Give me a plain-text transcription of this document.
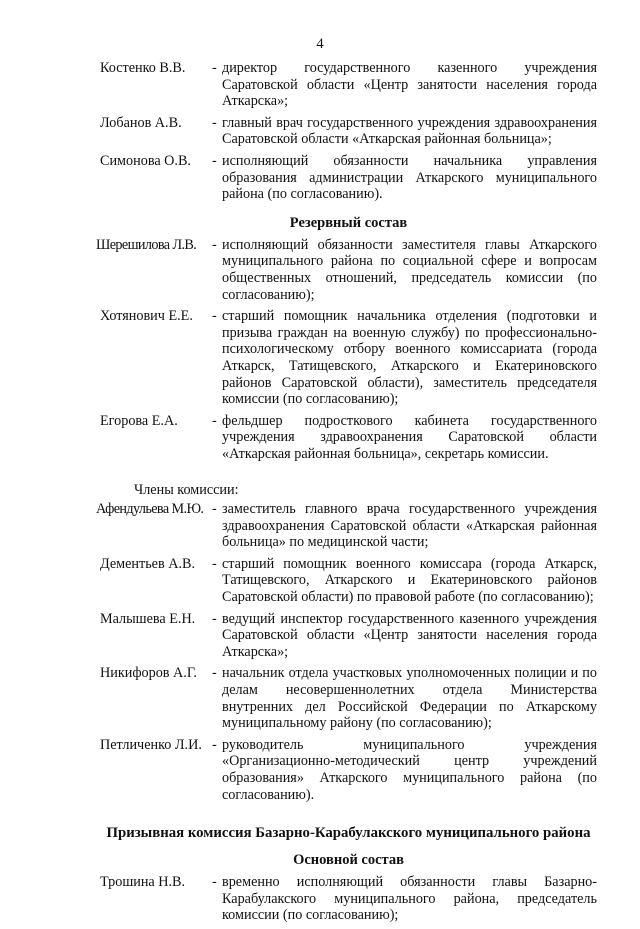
4
Костенко В.В.	- директор государственного казенного учреждения Саратовской области «Центр занятости населения города Аткарска»;
Лобанов А.В.	- главный врач государственного учреждения здравоохранения Саратовской области «Аткарская районная больница»;
Симонова О.В.	- исполняющий обязанности начальника управления образования администрации Аткарского муниципального района (по согласованию).
Резервный состав
Шерешилова Л.В.	- исполняющий обязанности заместителя главы Аткарского муниципального района по социальной сфере и вопросам общественных отношений, председатель комиссии (по согласованию);
Хотянович Е.Е.	- старший помощник начальника отделения (подготовки и призыва граждан на военную службу) по профессионально-психологическому отбору военного комиссариата (города Аткарск, Татищевского, Аткарского и Екатериновского районов Саратовской области), заместитель председателя комиссии (по согласованию);
Егорова Е.А.	- фельдшер подросткового кабинета государственного учреждения здравоохранения Саратовской области «Аткарская районная больница», секретарь комиссии.
Члены комиссии:
Афендульева М.Ю. - заместитель главного врача государственного учреждения здравоохранения Саратовской области «Аткарская районная больница» по медицинской части;
Дементьев А.В.	- старший помощник военного комиссара (города Аткарск, Татищевского, Аткарского и Екатериновского районов Саратовской области) по правовой работе (по согласованию);
Малышева Е.Н.	- ведущий инспектор государственного казенного учреждения Саратовской области «Центр занятости населения города Аткарска»;
Никифоров А.Г.	- начальник отдела участковых уполномоченных полиции и по делам несовершеннолетних отдела Министерства внутренних дел Российской Федерации по Аткарскому муниципальному району (по согласованию);
Петличенко Л.И. - руководитель муниципального учреждения «Организационно-методический центр учреждений образования» Аткарского муниципального района (по согласованию).
Призывная комиссия Базарно-Карабулакского муниципального района
Основной состав
Трошина Н.В.	- временно исполняющий обязанности главы Базарно-Карабулакского муниципального района, председатель комиссии (по согласованию);
